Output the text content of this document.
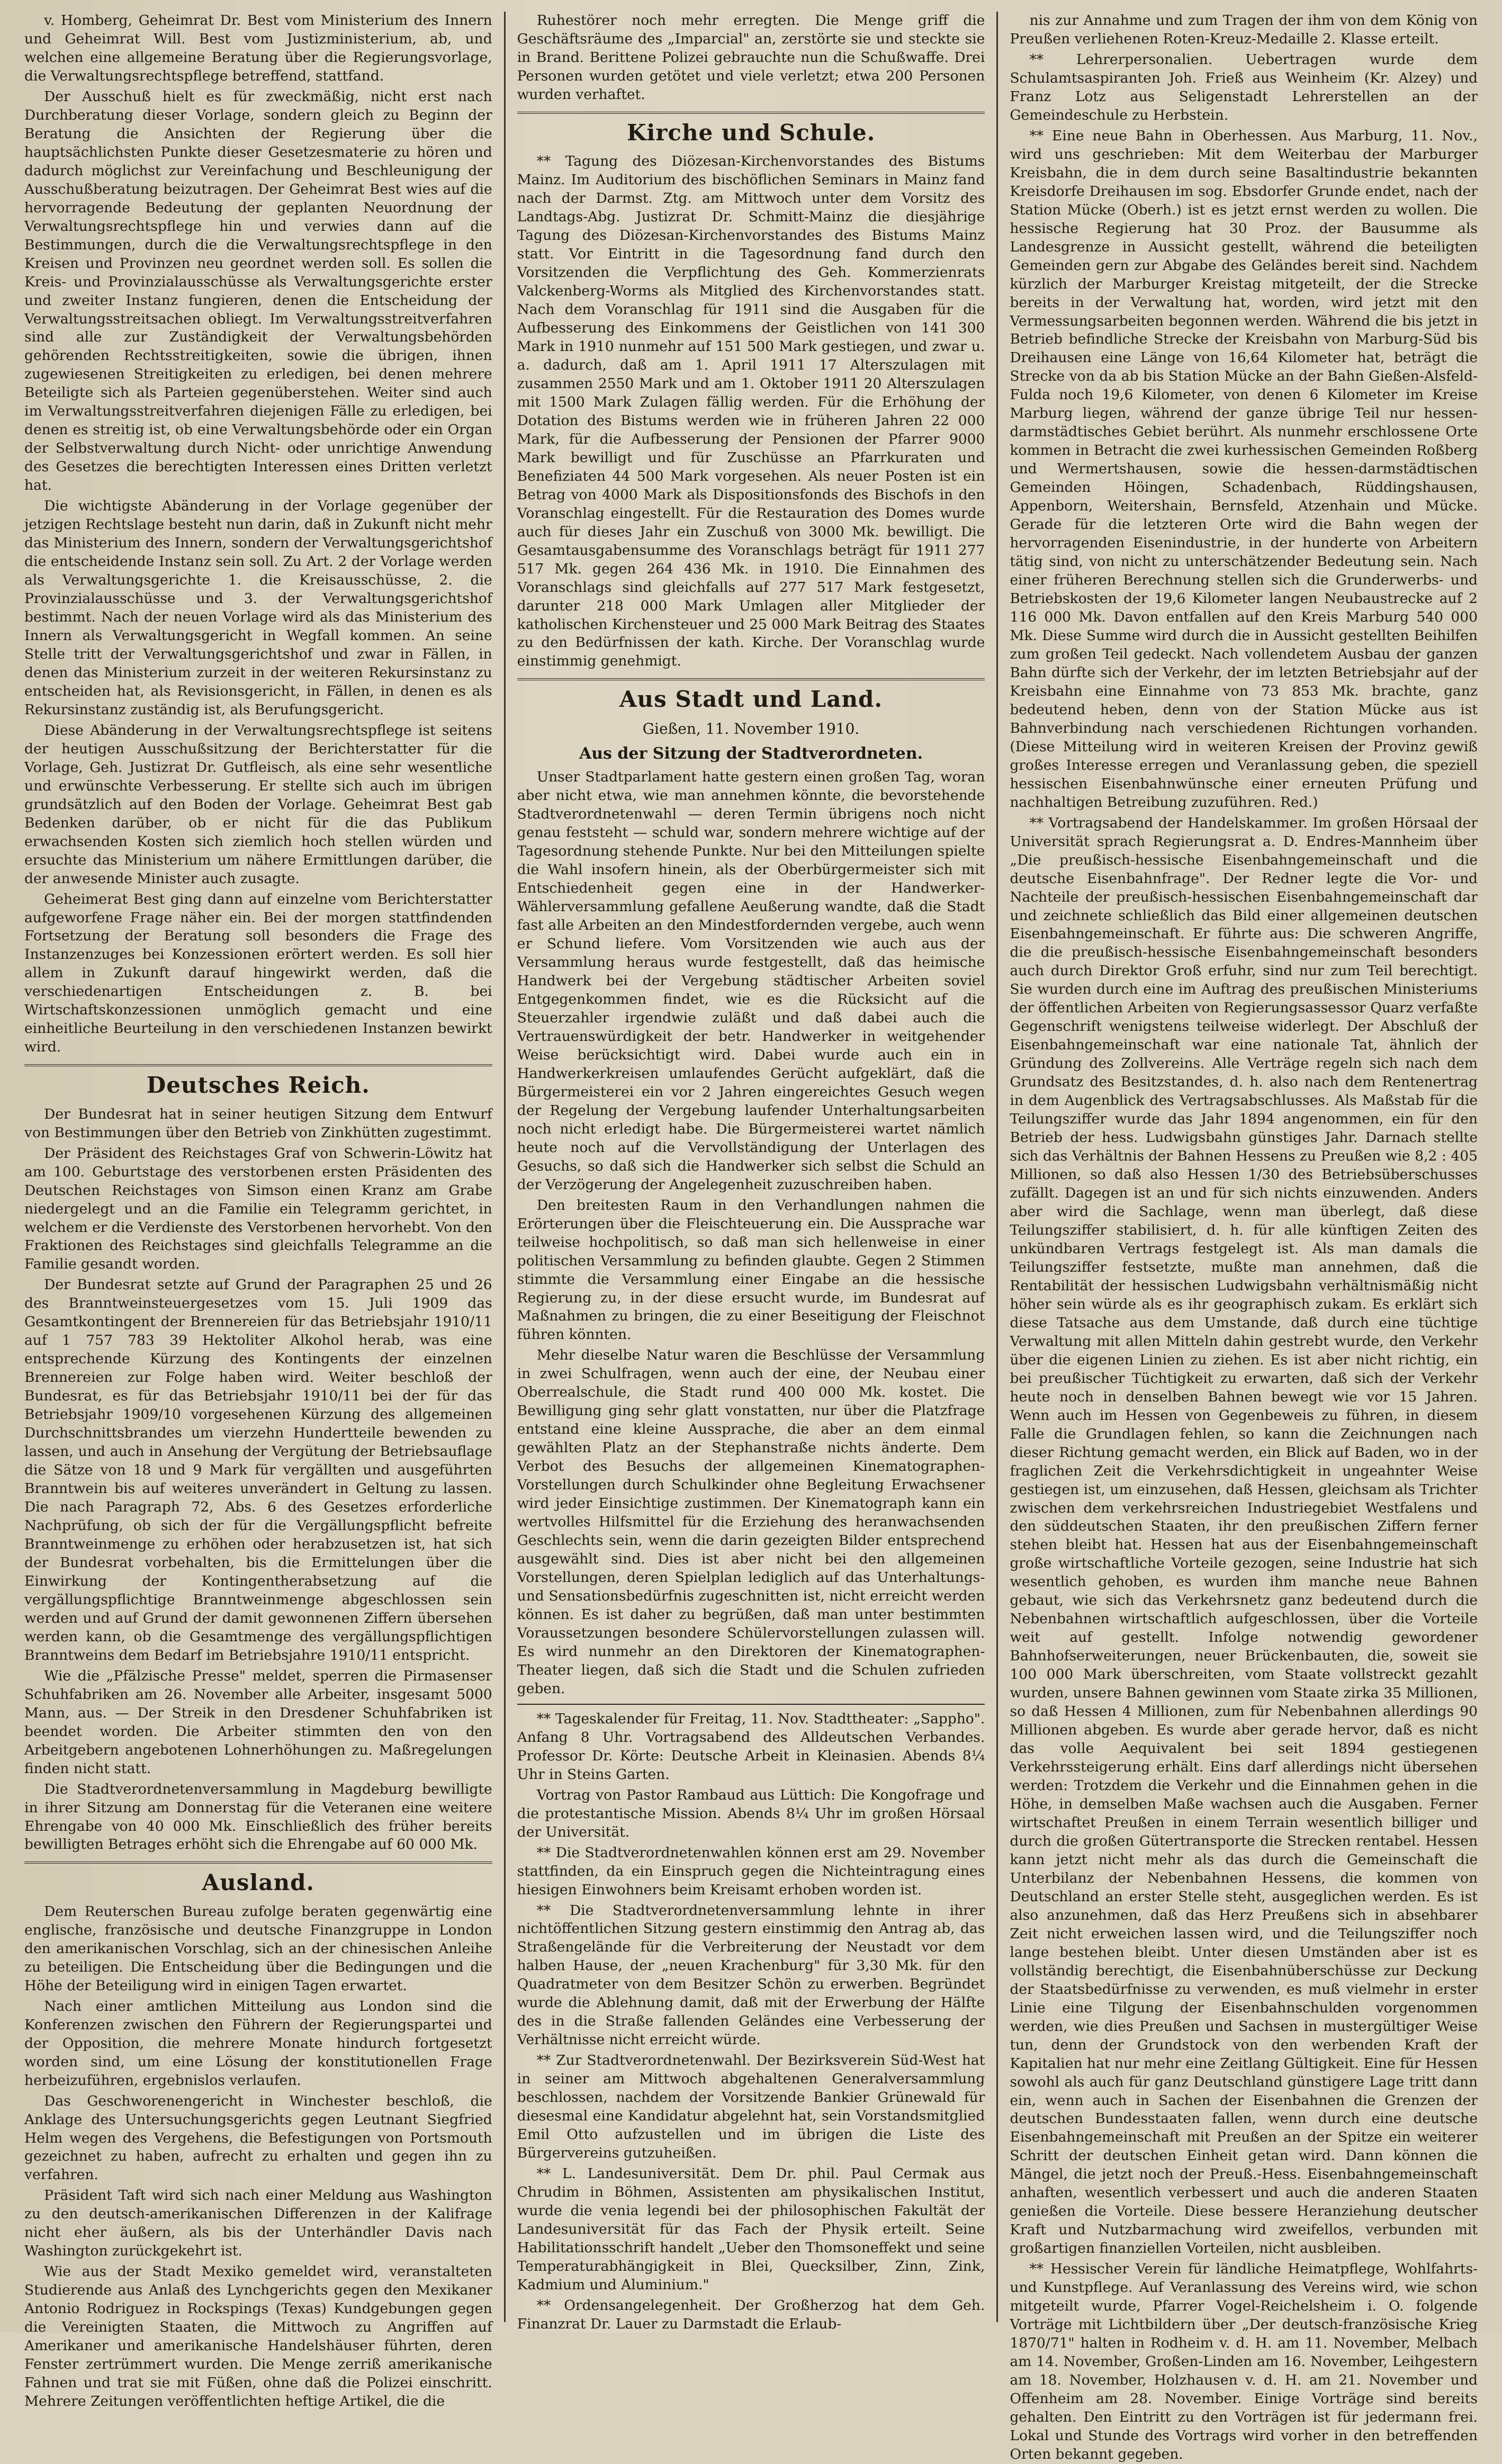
v. Homberg, Geheimrat Dr. Best vom Ministerium des Innern und Geheimrat Will. Best vom Justizministerium, ab, und welchen eine allgemeine Beratung über die Regierungsvorlage, die Verwaltungsrechtspflege betreffend, stattfand.

Der Ausschuß hielt es für zweckmäßig, nicht erst nach Durchberatung dieser Vorlage, sondern gleich zu Beginn der Beratung die Ansichten der Regierung über die hauptsächlichsten Punkte dieser Gesetzesmaterie zu hören und dadurch möglichst zur Vereinfachung und Beschleunigung der Ausschußberatung beizutragen. Der Geheimrat Best wies auf die hervorragende Bedeutung der geplanten Neuordnung der Verwaltungsrechtspflege hin und verwies dann auf die Bestimmungen, durch die die Verwaltungsrechtspflege in den Kreisen und Provinzen neu geordnet werden soll. Es sollen die Kreis- und Provinzialausschüsse als Verwaltungsgerichte erster und zweiter Instanz fungieren, denen die Entscheidung der Verwaltungsstreitsachen obliegt. Im Verwaltungsstreitverfahren sind alle zur Zuständigkeit der Verwaltungsbehörden gehörenden Rechtsstreitigkeiten, sowie die übrigen, ihnen zugewiesenen Streitigkeiten zu erledigen, bei denen mehrere Beteiligte sich als Parteien gegenüberstehen. Weiter sind auch im Verwaltungsstreitverfahren diejenigen Fälle zu erledigen, bei denen es streitig ist, ob eine Verwaltungsbehörde oder ein Organ der Selbstverwaltung durch Nicht- oder unrichtige Anwendung des Gesetzes die berechtigten Interessen eines Dritten verletzt hat.

Die wichtigste Abänderung in der Vorlage gegenüber der jetzigen Rechtslage besteht nun darin, daß in Zukunft nicht mehr das Ministerium des Innern, sondern der Verwaltungsgerichtshof die entscheidende Instanz sein soll. Zu Art. 2 der Vorlage werden als Verwaltungsgerichte 1. die Kreisausschüsse, 2. die Provinzialausschüsse und 3. der Verwaltungsgerichtshof bestimmt. Nach der neuen Vorlage wird als das Ministerium des Innern als Verwaltungsgericht in Wegfall kommen. An seine Stelle tritt der Verwaltungsgerichtshof und zwar in Fällen, in denen das Ministerium zurzeit in der weiteren Rekursinstanz zu entscheiden hat, als Revisionsgericht, in Fällen, in denen es als Rekursinstanz zuständig ist, als Berufungsgericht.

Diese Abänderung in der Verwaltungsrechtspflege ist seitens der heutigen Ausschußsitzung der Berichterstatter für die Vorlage, Geh. Justizrat Dr. Gutfleisch, als eine sehr wesentliche und erwünschte Verbesserung. Er stellte sich auch im übrigen grundsätzlich auf den Boden der Vorlage. Geheimrat Best gab Bedenken darüber, ob er nicht für die das Publikum erwachsenden Kosten sich ziemlich hoch stellen würden und ersuchte das Ministerium um nähere Ermittlungen darüber, die der anwesende Minister auch zusagte.

Geheimerat Best ging dann auf einzelne vom Berichterstatter aufgeworfene Frage näher ein. Bei der morgen stattfindenden Fortsetzung der Beratung soll besonders die Frage des Instanzenzuges bei Konzessionen erörtert werden. Es soll hier allem in Zukunft darauf hingewirkt werden, daß die verschiedenartigen Entscheidungen z. B. bei Wirtschaftskonzessionen unmöglich gemacht und eine einheitliche Beurteilung in den verschiedenen Instanzen bewirkt wird.

Deutsches Reich.

Der Bundesrat hat in seiner heutigen Sitzung dem Entwurf von Bestimmungen über den Betrieb von Zinkhütten zugestimmt.

Der Präsident des Reichstages Graf von Schwerin-Löwitz hat am 100. Geburtstage des verstorbenen ersten Präsidenten des Deutschen Reichstages von Simson einen Kranz am Grabe niedergelegt und an die Familie ein Telegramm gerichtet, in welchem er die Verdienste des Verstorbenen hervorhebt. Von den Fraktionen des Reichstages sind gleichfalls Telegramme an die Familie gesandt worden.

Der Bundesrat setzte auf Grund der Paragraphen 25 und 26 des Branntweinsteuergesetzes vom 15. Juli 1909 das Gesamtkontingent der Brennereien für das Betriebsjahr 1910/11 auf 1 757 783 39 Hektoliter Alkohol herab, was eine entsprechende Kürzung des Kontingents der einzelnen Brennereien zur Folge haben wird. Weiter beschloß der Bundesrat, es für das Betriebsjahr 1910/11 bei der für das Betriebsjahr 1909/10 vorgesehenen Kürzung des allgemeinen Durchschnittsbrandes um vierzehn Hundertteile bewenden zu lassen, und auch in Ansehung der Vergütung der Betriebsauflage die Sätze von 18 und 9 Mark für vergällten und ausgeführten Branntwein bis auf weiteres unverändert in Geltung zu lassen. Die nach Paragraph 72, Abs. 6 des Gesetzes erforderliche Nachprüfung, ob sich der für die Vergällungspflicht befreite Branntweinmenge zu erhöhen oder herabzusetzen ist, hat sich der Bundesrat vorbehalten, bis die Ermittelungen über die Einwirkung der Kontingentherabsetzung auf die vergällungspflichtige Branntweinmenge abgeschlossen sein werden und auf Grund der damit gewonnenen Ziffern übersehen werden kann, ob die Gesamtmenge des vergällungspflichtigen Branntweins dem Bedarf im Betriebsjahre 1910/11 entspricht.

Wie die „Pfälzische Presse" meldet, sperren die Pirmasenser Schuhfabriken am 26. November alle Arbeiter, insgesamt 5000 Mann, aus. — Der Streik in den Dresdener Schuhfabriken ist beendet worden. Die Arbeiter stimmten den von den Arbeitgebern angebotenen Lohnerhöhungen zu. Maßregelungen finden nicht statt.

Die Stadtverordnetenversammlung in Magdeburg bewilligte in ihrer Sitzung am Donnerstag für die Veteranen eine weitere Ehrengabe von 40 000 Mk. Einschließlich des früher bereits bewilligten Betrages erhöht sich die Ehrengabe auf 60 000 Mk.

Ausland.

Dem Reuterschen Bureau zufolge beraten gegenwärtig eine englische, französische und deutsche Finanzgruppe in London den amerikanischen Vorschlag, sich an der chinesischen Anleihe zu beteiligen. Die Entscheidung über die Bedingungen und die Höhe der Beteiligung wird in einigen Tagen erwartet.

Nach einer amtlichen Mitteilung aus London sind die Konferenzen zwischen den Führern der Regierungspartei und der Opposition, die mehrere Monate hindurch fortgesetzt worden sind, um eine Lösung der konstitutionellen Frage herbeizuführen, ergebnislos verlaufen.

Das Geschworenengericht in Winchester beschloß, die Anklage des Untersuchungsgerichts gegen Leutnant Siegfried Helm wegen des Vergehens, die Befestigungen von Portsmouth gezeichnet zu haben, aufrecht zu erhalten und gegen ihn zu verfahren.

Präsident Taft wird sich nach einer Meldung aus Washington zu den deutsch-amerikanischen Differenzen in der Kalifrage nicht eher äußern, als bis der Unterhändler Davis nach Washington zurückgekehrt ist.

Wie aus der Stadt Mexiko gemeldet wird, veranstalteten Studierende aus Anlaß des Lynchgerichts gegen den Mexikaner Antonio Rodriguez in Rockspings (Texas) Kundgebungen gegen die Vereinigten Staaten, die Mittwoch zu Angriffen auf Amerikaner und amerikanische Handelshäuser führten, deren Fenster zertrümmert wurden. Die Menge zerriß amerikanische Fahnen und trat sie mit Füßen, ohne daß die Polizei einschritt. Mehrere Zeitungen veröffentlichten heftige Artikel, die die

Ruhestörer noch mehr erregten. Die Menge griff die Geschäftsräume des „Imparcial" an, zerstörte sie und steckte sie in Brand. Berittene Polizei gebrauchte nun die Schußwaffe. Drei Personen wurden getötet und viele verletzt; etwa 200 Personen wurden verhaftet.

Kirche und Schule.

** Tagung des Diözesan-Kirchenvorstandes des Bistums Mainz. Im Auditorium des bischöflichen Seminars in Mainz fand nach der Darmst. Ztg. am Mittwoch unter dem Vorsitz des Landtags-Abg. Justizrat Dr. Schmitt-Mainz die diesjährige Tagung des Diözesan-Kirchenvorstandes des Bistums Mainz statt. Vor Eintritt in die Tagesordnung fand durch den Vorsitzenden die Verpflichtung des Geh. Kommerzienrats Valckenberg-Worms als Mitglied des Kirchenvorstandes statt. Nach dem Voranschlag für 1911 sind die Ausgaben für die Aufbesserung des Einkommens der Geistlichen von 141 300 Mark in 1910 nunmehr auf 151 500 Mark gestiegen, und zwar u. a. dadurch, daß am 1. April 1911 17 Alterszulagen mit zusammen 2550 Mark und am 1. Oktober 1911 20 Alterszulagen mit 1500 Mark Zulagen fällig werden. Für die Erhöhung der Dotation des Bistums werden wie in früheren Jahren 22 000 Mark, für die Aufbesserung der Pensionen der Pfarrer 9000 Mark bewilligt und für Zuschüsse an Pfarrkuraten und Benefiziaten 44 500 Mark vorgesehen. Als neuer Posten ist ein Betrag von 4000 Mark als Dispositionsfonds des Bischofs in den Voranschlag eingestellt. Für die Restauration des Domes wurde auch für dieses Jahr ein Zuschuß von 3000 Mk. bewilligt. Die Gesamtausgabensumme des Voranschlags beträgt für 1911 277 517 Mk. gegen 264 436 Mk. in 1910. Die Einnahmen des Voranschlags sind gleichfalls auf 277 517 Mark festgesetzt, darunter 218 000 Mark Umlagen aller Mitglieder der katholischen Kirchensteuer und 25 000 Mark Beitrag des Staates zu den Bedürfnissen der kath. Kirche. Der Voranschlag wurde einstimmig genehmigt.

Aus Stadt und Land.
Gießen, 11. November 1910.
Aus der Sitzung der Stadtverordneten.

Unser Stadtparlament hatte gestern einen großen Tag, woran aber nicht etwa, wie man annehmen könnte, die bevorstehende Stadtverordnetenwahl — deren Termin übrigens noch nicht genau feststeht — schuld war, sondern mehrere wichtige auf der Tagesordnung stehende Punkte. Nur bei den Mitteilungen spielte die Wahl insofern hinein, als der Oberbürgermeister sich mit Entschiedenheit gegen eine in der Handwerker-Wählerversammlung gefallene Aeußerung wandte, daß die Stadt fast alle Arbeiten an den Mindestfordernden vergebe, auch wenn er Schund liefere. Vom Vorsitzenden wie auch aus der Versammlung heraus wurde festgestellt, daß das heimische Handwerk bei der Vergebung städtischer Arbeiten soviel Entgegenkommen findet, wie es die Rücksicht auf die Steuerzahler irgendwie zuläßt und daß dabei auch die Vertrauenswürdigkeit der betr. Handwerker in weitgehender Weise berücksichtigt wird. Dabei wurde auch ein in Handwerkerkreisen umlaufendes Gerücht aufgeklärt, daß die Bürgermeisterei ein vor 2 Jahren eingereichtes Gesuch wegen der Regelung der Vergebung laufender Unterhaltungsarbeiten noch nicht erledigt habe. Die Bürgermeisterei wartet nämlich heute noch auf die Vervollständigung der Unterlagen des Gesuchs, so daß sich die Handwerker sich selbst die Schuld an der Verzögerung der Angelegenheit zuzuschreiben haben.

Den breitesten Raum in den Verhandlungen nahmen die Erörterungen über die Fleischteuerung ein. Die Aussprache war teilweise hochpolitisch, so daß man sich hellenweise in einer politischen Versammlung zu befinden glaubte. Gegen 2 Stimmen stimmte die Versammlung einer Eingabe an die hessische Regierung zu, in der diese ersucht wurde, im Bundesrat auf Maßnahmen zu bringen, die zu einer Beseitigung der Fleischnot führen könnten.

Mehr dieselbe Natur waren die Beschlüsse der Versammlung in zwei Schulfragen, wenn auch der eine, der Neubau einer Oberrealschule, die Stadt rund 400 000 Mk. kostet. Die Bewilligung ging sehr glatt vonstatten, nur über die Platzfrage entstand eine kleine Aussprache, die aber an dem einmal gewählten Platz an der Stephanstraße nichts änderte. Dem Verbot des Besuchs der allgemeinen Kinematographen-Vorstellungen durch Schulkinder ohne Begleitung Erwachsener wird jeder Einsichtige zustimmen. Der Kinematograph kann ein wertvolles Hilfsmittel für die Erziehung des heranwachsenden Geschlechts sein, wenn die darin gezeigten Bilder entsprechend ausgewählt sind. Dies ist aber nicht bei den allgemeinen Vorstellungen, deren Spielplan lediglich auf das Unterhaltungs- und Sensationsbedürfnis zugeschnitten ist, nicht erreicht werden können. Es ist daher zu begrüßen, daß man unter bestimmten Voraussetzungen besondere Schülervorstellungen zulassen will. Es wird nunmehr an den Direktoren der Kinematographen-Theater liegen, daß sich die Stadt und die Schulen zufrieden geben.

** Tageskalender für Freitag, 11. Nov. Stadttheater: „Sappho". Anfang 8 Uhr. Vortragsabend des Alldeutschen Verbandes. Professor Dr. Körte: Deutsche Arbeit in Kleinasien. Abends 8¼ Uhr in Steins Garten.

Vortrag von Pastor Rambaud aus Lüttich: Die Kongofrage und die protestantische Mission. Abends 8¼ Uhr im großen Hörsaal der Universität.

** Die Stadtverordnetenwahlen können erst am 29. November stattfinden, da ein Einspruch gegen die Nichteintragung eines hiesigen Einwohners beim Kreisamt erhoben worden ist.

** Die Stadtverordnetenversammlung lehnte in ihrer nichtöffentlichen Sitzung gestern einstimmig den Antrag ab, das Straßengelände für die Verbreiterung der Neustadt vor dem halben Hause, der „neuen Krachenburg" für 3,30 Mk. für den Quadratmeter von dem Besitzer Schön zu erwerben. Begründet wurde die Ablehnung damit, daß mit der Erwerbung der Hälfte des in die Straße fallenden Geländes eine Verbesserung der Verhältnisse nicht erreicht würde.

** Zur Stadtverordnetenwahl. Der Bezirksverein Süd-West hat in seiner am Mittwoch abgehaltenen Generalversammlung beschlossen, nachdem der Vorsitzende Bankier Grünewald für diesesmal eine Kandidatur abgelehnt hat, sein Vorstandsmitglied Emil Otto aufzustellen und im übrigen die Liste des Bürgervereins gutzuheißen.

** L. Landesuniversität. Dem Dr. phil. Paul Cermak aus Chrudim in Böhmen, Assistenten am physikalischen Institut, wurde die venia legendi bei der philosophischen Fakultät der Landesuniversität für das Fach der Physik erteilt. Seine Habilitationsschrift handelt „Ueber den Thomsoneffekt und seine Temperaturabhängigkeit in Blei, Quecksilber, Zinn, Zink, Kadmium und Aluminium."

** Ordensangelegenheit. Der Großherzog hat dem Geh. Finanzrat Dr. Lauer zu Darmstadt die Erlaub-

nis zur Annahme und zum Tragen der ihm von dem König von Preußen verliehenen Roten-Kreuz-Medaille 2. Klasse erteilt.

** Lehrerpersonalien. Uebertragen wurde dem Schulamtsaspiranten Joh. Frieß aus Weinheim (Kr. Alzey) und Franz Lotz aus Seligenstadt Lehrerstellen an der Gemeindeschule zu Herbstein.

** Eine neue Bahn in Oberhessen. Aus Marburg, 11. Nov., wird uns geschrieben: Mit dem Weiterbau der Marburger Kreisbahn, die in dem durch seine Basaltindustrie bekannten Kreisdorfe Dreihausen im sog. Ebsdorfer Grunde endet, nach der Station Mücke (Oberh.) ist es jetzt ernst werden zu wollen. Die hessische Regierung hat 30 Proz. der Bausumme als Landesgrenze in Aussicht gestellt, während die beteiligten Gemeinden gern zur Abgabe des Geländes bereit sind. Nachdem kürzlich der Marburger Kreistag mitgeteilt, der die Strecke bereits in der Verwaltung hat, worden, wird jetzt mit den Vermessungsarbeiten begonnen werden. Während die bis jetzt in Betrieb befindliche Strecke der Kreisbahn von Marburg-Süd bis Dreihausen eine Länge von 16,64 Kilometer hat, beträgt die Strecke von da ab bis Station Mücke an der Bahn Gießen-Alsfeld-Fulda noch 19,6 Kilometer, von denen 6 Kilometer im Kreise Marburg liegen, während der ganze übrige Teil nur hessen-darmstädtisches Gebiet berührt. Als nunmehr erschlossene Orte kommen in Betracht die zwei kurhessischen Gemeinden Roßberg und Wermertshausen, sowie die hessen-darmstädtischen Gemeinden Höingen, Schadenbach, Rüddingshausen, Appenborn, Weitershain, Bernsfeld, Atzenhain und Mücke. Gerade für die letzteren Orte wird die Bahn wegen der hervorragenden Eisenindustrie, in der hunderte von Arbeitern tätig sind, von nicht zu unterschätzender Bedeutung sein. Nach einer früheren Berechnung stellen sich die Grunderwerbs- und Betriebskosten der 19,6 Kilometer langen Neubaustrecke auf 2 116 000 Mk. Davon entfallen auf den Kreis Marburg 540 000 Mk. Diese Summe wird durch die in Aussicht gestellten Beihilfen zum großen Teil gedeckt. Nach vollendetem Ausbau der ganzen Bahn dürfte sich der Verkehr, der im letzten Betriebsjahr auf der Kreisbahn eine Einnahme von 73 853 Mk. brachte, ganz bedeutend heben, denn von der Station Mücke aus ist Bahnverbindung nach verschiedenen Richtungen vorhanden. (Diese Mitteilung wird in weiteren Kreisen der Provinz gewiß großes Interesse erregen und Veranlassung geben, die speziell hessischen Eisenbahnwünsche einer erneuten Prüfung und nachhaltigen Betreibung zuzuführen. Red.)

** Vortragsabend der Handelskammer. Im großen Hörsaal der Universität sprach Regierungsrat a. D. Endres-Mannheim über „Die preußisch-hessische Eisenbahngemeinschaft und die deutsche Eisenbahnfrage". Der Redner legte die Vor- und Nachteile der preußisch-hessischen Eisenbahngemeinschaft dar und zeichnete schließlich das Bild einer allgemeinen deutschen Eisenbahngemeinschaft. Er führte aus: Die schweren Angriffe, die die preußisch-hessische Eisenbahngemeinschaft besonders auch durch Direktor Groß erfuhr, sind nur zum Teil berechtigt. Sie wurden durch eine im Auftrag des preußischen Ministeriums der öffentlichen Arbeiten von Regierungsassessor Quarz verfaßte Gegenschrift wenigstens teilweise widerlegt. Der Abschluß der Eisenbahngemeinschaft war eine nationale Tat, ähnlich der Gründung des Zollvereins. Alle Verträge regeln sich nach dem Grundsatz des Besitzstandes, d. h. also nach dem Rentenertrag in dem Augenblick des Vertragsabschlusses. Als Maßstab für die Teilungsziffer wurde das Jahr 1894 angenommen, ein für den Betrieb der hess. Ludwigsbahn günstiges Jahr. Darnach stellte sich das Verhältnis der Bahnen Hessens zu Preußen wie 8,2 : 405 Millionen, so daß also Hessen 1/30 des Betriebsüberschusses zufällt. Dagegen ist an und für sich nichts einzuwenden. Anders aber wird die Sachlage, wenn man überlegt, daß diese Teilungsziffer stabilisiert, d. h. für alle künftigen Zeiten des unkündbaren Vertrags festgelegt ist. Als man damals die Teilungsziffer festsetzte, mußte man annehmen, daß die Rentabilität der hessischen Ludwigsbahn verhältnismäßig nicht höher sein würde als es ihr geographisch zukam. Es erklärt sich diese Tatsache aus dem Umstande, daß durch eine tüchtige Verwaltung mit allen Mitteln dahin gestrebt wurde, den Verkehr über die eigenen Linien zu ziehen. Es ist aber nicht richtig, ein bei preußischer Tüchtigkeit zu erwarten, daß sich der Verkehr heute noch in denselben Bahnen bewegt wie vor 15 Jahren. Wenn auch im Hessen von Gegenbeweis zu führen, in diesem Falle die Grundlagen fehlen, so kann die Zeichnungen nach dieser Richtung gemacht werden, ein Blick auf Baden, wo in der fraglichen Zeit die Verkehrsdichtigkeit in ungeahnter Weise gestiegen ist, um einzusehen, daß Hessen, gleichsam als Trichter zwischen dem verkehrsreichen Industriegebiet Westfalens und den süddeutschen Staaten, ihr den preußischen Ziffern ferner stehen bleibt hat. Hessen hat aus der Eisenbahngemeinschaft große wirtschaftliche Vorteile gezogen, seine Industrie hat sich wesentlich gehoben, es wurden ihm manche neue Bahnen gebaut, wie sich das Verkehrsnetz ganz bedeutend durch die Nebenbahnen wirtschaftlich aufgeschlossen, über die Vorteile weit auf gestellt. Infolge notwendig gewordener Bahnhofserweiterungen, neuer Brückenbauten, die, soweit sie 100 000 Mark überschreiten, vom Staate vollstreckt gezahlt wurden, unsere Bahnen gewinnen vom Staate zirka 35 Millionen, so daß Hessen 4 Millionen, zum für Nebenbahnen allerdings 90 Millionen abgeben. Es wurde aber gerade hervor, daß es nicht das volle Aequivalent bei seit 1894 gestiegenen Verkehrssteigerung erhält. Eins darf allerdings nicht übersehen werden: Trotzdem die Verkehr und die Einnahmen gehen in die Höhe, in demselben Maße wachsen auch die Ausgaben. Ferner wirtschaftet Preußen in einem Terrain wesentlich billiger und durch die großen Gütertransporte die Strecken rentabel. Hessen kann jetzt nicht mehr als das durch die Gemeinschaft die Unterbilanz der Nebenbahnen Hessens, die kommen von Deutschland an erster Stelle steht, ausgeglichen werden. Es ist also anzunehmen, daß das Herz Preußens sich in absehbarer Zeit nicht erweichen lassen wird, und die Teilungsziffer noch lange bestehen bleibt. Unter diesen Umständen aber ist es vollständig berechtigt, die Eisenbahnüberschüsse zur Deckung der Staatsbedürfnisse zu verwenden, es muß vielmehr in erster Linie eine Tilgung der Eisenbahnschulden vorgenommen werden, wie dies Preußen und Sachsen in mustergültiger Weise tun, denn der Grundstock von den werbenden Kraft der Kapitalien hat nur mehr eine Zeitlang Gültigkeit. Eine für Hessen sowohl als auch für ganz Deutschland günstigere Lage tritt dann ein, wenn auch in Sachen der Eisenbahnen die Grenzen der deutschen Bundesstaaten fallen, wenn durch eine deutsche Eisenbahngemeinschaft mit Preußen an der Spitze ein weiterer Schritt der deutschen Einheit getan wird. Dann können die Mängel, die jetzt noch der Preuß.-Hess. Eisenbahngemeinschaft anhaften, wesentlich verbessert und auch die anderen Staaten genießen die Vorteile. Diese bessere Heranziehung deutscher Kraft und Nutzbarmachung wird zweifellos, verbunden mit großartigen finanziellen Vorteilen, nicht ausbleiben.

** Hessischer Verein für ländliche Heimatpflege, Wohlfahrts- und Kunstpflege. Auf Veranlassung des Vereins wird, wie schon mitgeteilt wurde, Pfarrer Vogel-Reichelsheim i. O. folgende Vorträge mit Lichtbildern über „Der deutsch-französische Krieg 1870/71" halten in Rodheim v. d. H. am 11. November, Melbach am 14. November, Großen-Linden am 16. November, Leihgestern am 18. November, Holzhausen v. d. H. am 21. November und Offenheim am 28. November. Einige Vorträge sind bereits gehalten. Den Eintritt zu den Vorträgen ist für jedermann frei. Lokal und Stunde des Vortrags wird vorher in den betreffenden Orten bekannt gegeben.
